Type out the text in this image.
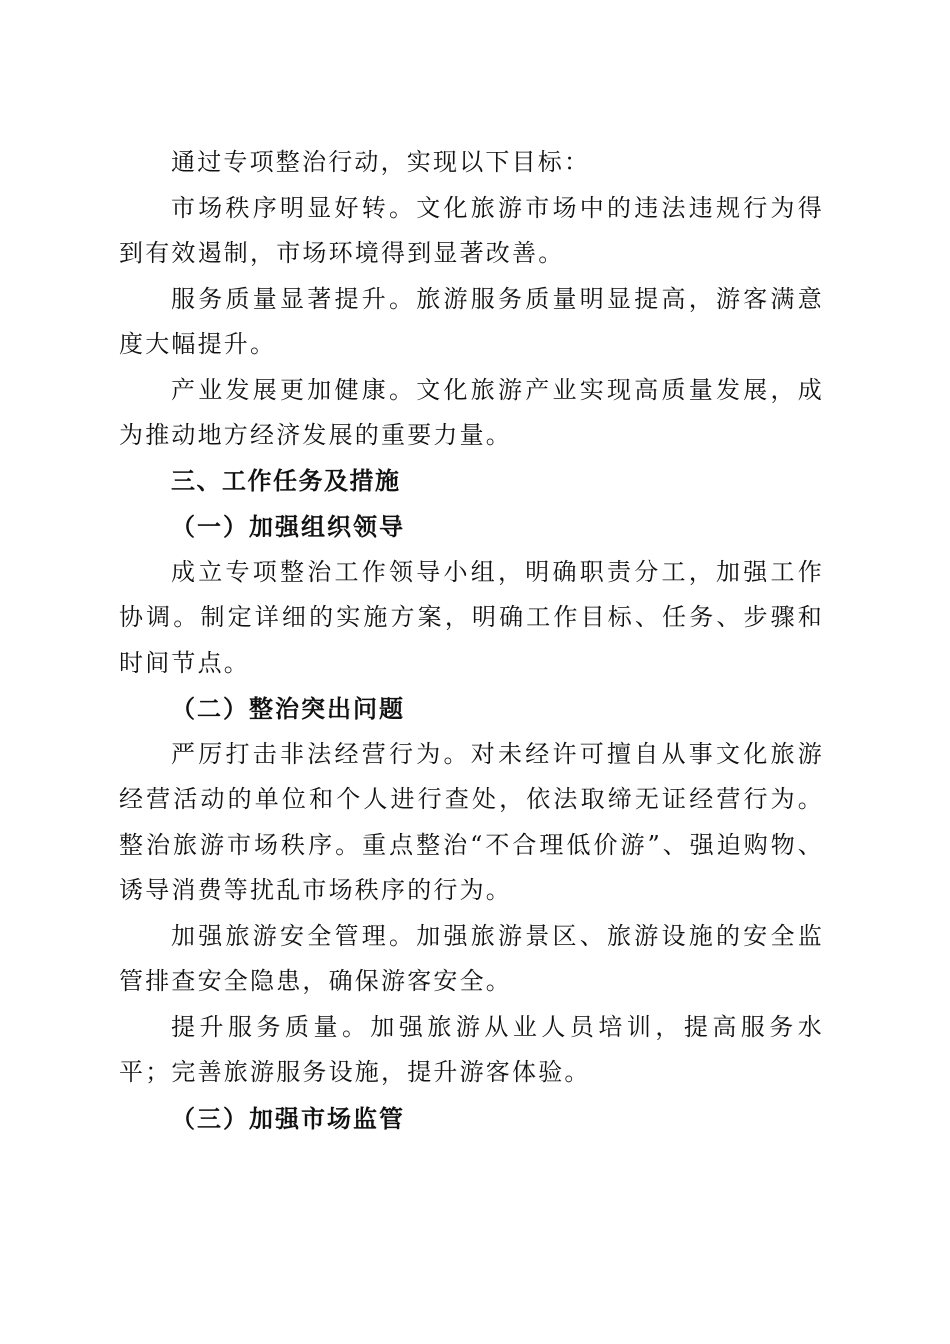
通过专项整治行动，实现以下目标：

市场秩序明显好转。文化旅游市场中的违法违规行为得到有效遏制，市场环境得到显著改善。

服务质量显著提升。旅游服务质量明显提高，游客满意度大幅提升。

产业发展更加健康。文化旅游产业实现高质量发展，成为推动地方经济发展的重要力量。

三、工作任务及措施

（一）加强组织领导

成立专项整治工作领导小组，明确职责分工，加强工作协调。制定详细的实施方案，明确工作目标、任务、步骤和时间节点。

（二）整治突出问题

严厉打击非法经营行为。对未经许可擅自从事文化旅游经营活动的单位和个人进行查处，依法取缔无证经营行为。整治旅游市场秩序。重点整治“不合理低价游”、强迫购物、诱导消费等扰乱市场秩序的行为。

加强旅游安全管理。加强旅游景区、旅游设施的安全监管排查安全隐患，确保游客安全。

提升服务质量。加强旅游从业人员培训，提高服务水平；完善旅游服务设施，提升游客体验。

（三）加强市场监管
